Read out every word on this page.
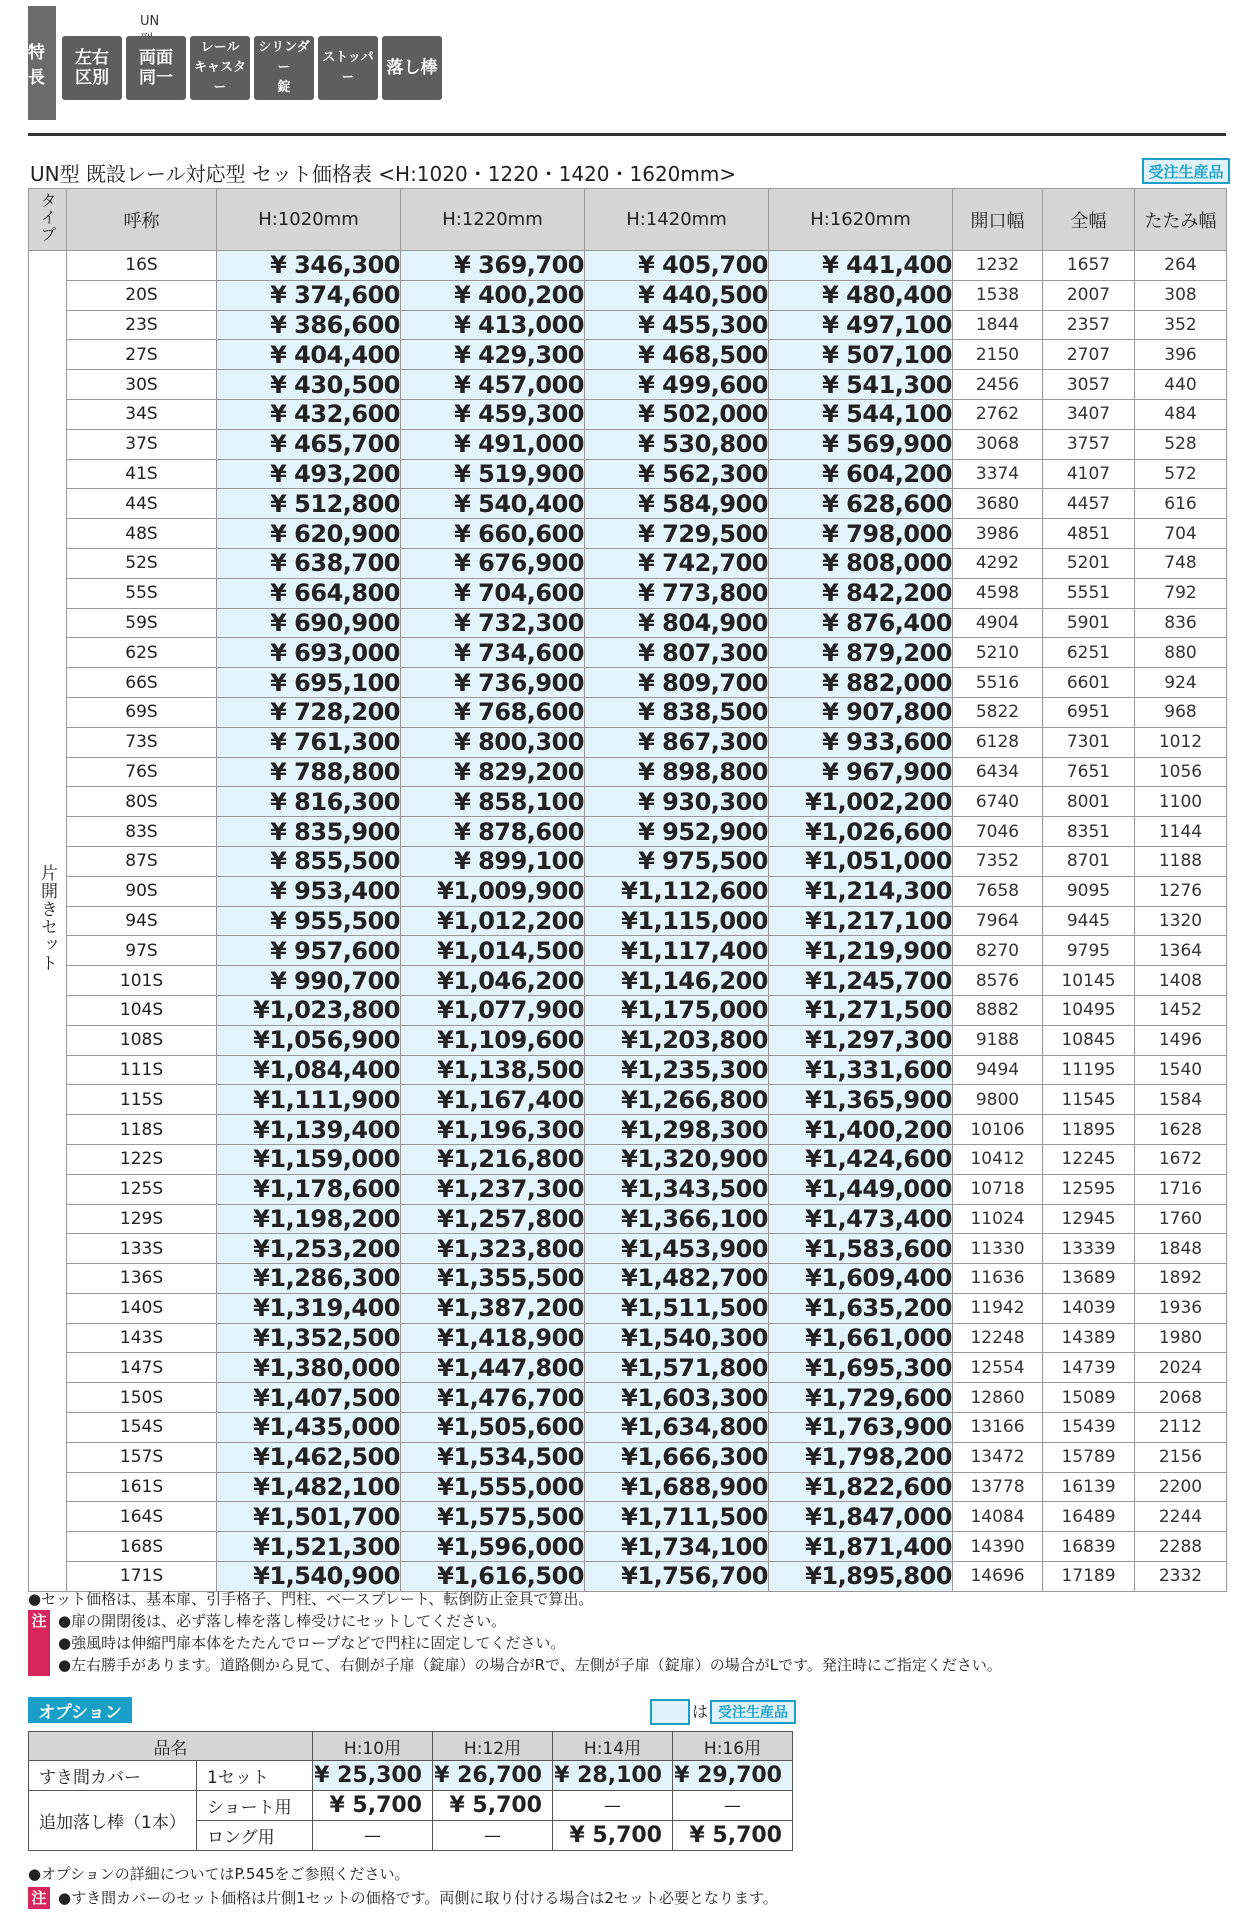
特長
UN
左右
区別
両面
同一
レール
キャスター
シリンダー
錠
ストッパー	落し棒
UN型 既設レール対応型 セット価格表 <H:1020・1220・1420・1620mm>	受注生産品
タイプ	呼称	H:1020mm	H:1220mm	H:1420mm	H:1620mm	開口幅	全幅	たたみ幅
片開きセット	16S	¥ 346,300	¥ 369,700	¥ 405,700	¥ 441,400	1232	1657	264
	20S	¥ 374,600	¥ 400,200	¥ 440,500	¥ 480,400	1538	2007	308
	23S	¥ 386,600	¥ 413,000	¥ 455,300	¥ 497,100	1844	2357	352
	27S	¥ 404,400	¥ 429,300	¥ 468,500	¥ 507,100	2150	2707	396
	30S	¥ 430,500	¥ 457,000	¥ 499,600	¥ 541,300	2456	3057	440
	34S	¥ 432,600	¥ 459,300	¥ 502,000	¥ 544,100	2762	3407	484
	37S	¥ 465,700	¥ 491,000	¥ 530,800	¥ 569,900	3068	3757	528
	41S	¥ 493,200	¥ 519,900	¥ 562,300	¥ 604,200	3374	4107	572
	44S	¥ 512,800	¥ 540,400	¥ 584,900	¥ 628,600	3680	4457	616
	48S	¥ 620,900	¥ 660,600	¥ 729,500	¥ 798,000	3986	4851	704
	52S	¥ 638,700	¥ 676,900	¥ 742,700	¥ 808,000	4292	5201	748
	55S	¥ 664,800	¥ 704,600	¥ 773,800	¥ 842,200	4598	5551	792
	59S	¥ 690,900	¥ 732,300	¥ 804,900	¥ 876,400	4904	5901	836
	62S	¥ 693,000	¥ 734,600	¥ 807,300	¥ 879,200	5210	6251	880
	66S	¥ 695,100	¥ 736,900	¥ 809,700	¥ 882,000	5516	6601	924
	69S	¥ 728,200	¥ 768,600	¥ 838,500	¥ 907,800	5822	6951	968
	73S	¥ 761,300	¥ 800,300	¥ 867,300	¥ 933,600	6128	7301	1012
	76S	¥ 788,800	¥ 829,200	¥ 898,800	¥ 967,900	6434	7651	1056
	80S	¥ 816,300	¥ 858,100	¥ 930,300	¥1,002,200	6740	8001	1100
	83S	¥ 835,900	¥ 878,600	¥ 952,900	¥1,026,600	7046	8351	1144
	87S	¥ 855,500	¥ 899,100	¥ 975,500	¥1,051,000	7352	8701	1188
	90S	¥ 953,400	¥1,009,900	¥1,112,600	¥1,214,300	7658	9095	1276
	94S	¥ 955,500	¥1,012,200	¥1,115,000	¥1,217,100	7964	9445	1320
	97S	¥ 957,600	¥1,014,500	¥1,117,400	¥1,219,900	8270	9795	1364
	101S	¥ 990,700	¥1,046,200	¥1,146,200	¥1,245,700	8576	10145	1408
	104S	¥1,023,800	¥1,077,900	¥1,175,000	¥1,271,500	8882	10495	1452
	108S	¥1,056,900	¥1,109,600	¥1,203,800	¥1,297,300	9188	10845	1496
	111S	¥1,084,400	¥1,138,500	¥1,235,300	¥1,331,600	9494	11195	1540
	115S	¥1,111,900	¥1,167,400	¥1,266,800	¥1,365,900	9800	11545	1584
	118S	¥1,139,400	¥1,196,300	¥1,298,300	¥1,400,200	10106	11895	1628
	122S	¥1,159,000	¥1,216,800	¥1,320,900	¥1,424,600	10412	12245	1672
	125S	¥1,178,600	¥1,237,300	¥1,343,500	¥1,449,000	10718	12595	1716
	129S	¥1,198,200	¥1,257,800	¥1,366,100	¥1,473,400	11024	12945	1760
	133S	¥1,253,200	¥1,323,800	¥1,453,900	¥1,583,600	11330	13339	1848
	136S	¥1,286,300	¥1,355,500	¥1,482,700	¥1,609,400	11636	13689	1892
	140S	¥1,319,400	¥1,387,200	¥1,511,500	¥1,635,200	11942	14039	1936
	143S	¥1,352,500	¥1,418,900	¥1,540,300	¥1,661,000	12248	14389	1980
	147S	¥1,380,000	¥1,447,800	¥1,571,800	¥1,695,300	12554	14739	2024
	150S	¥1,407,500	¥1,476,700	¥1,603,300	¥1,729,600	12860	15089	2068
	154S	¥1,435,000	¥1,505,600	¥1,634,800	¥1,763,900	13166	15439	2112
	157S	¥1,462,500	¥1,534,500	¥1,666,300	¥1,798,200	13472	15789	2156
	161S	¥1,482,100	¥1,555,000	¥1,688,900	¥1,822,600	13778	16139	2200
	164S	¥1,501,700	¥1,575,500	¥1,711,500	¥1,847,000	14084	16489	2244
	168S	¥1,521,300	¥1,596,000	¥1,734,100	¥1,871,400	14390	16839	2288
	171S	¥1,540,900	¥1,616,500	¥1,756,700	¥1,895,800	14696	17189	2332
●セット価格は、基本扉、引手格子、門柱、ベースプレート、転倒防止金具で算出。
注 ●扉の開閉後は、必ず落し棒を落し棒受けにセットしてください。
●強風時は伸縮門扉本体をたたんでロープなどで門柱に固定してください。
●左右勝手があります。道路側から見て、右側が子扉（錠扉）の場合がRで、左側が子扉（錠扉）の場合がLです。発注時にご指定ください。
オプション	は 受注生産品
品名		H:10用	H:12用	H:14用	H:16用
すき間カバー	1セット	¥ 25,300	¥ 26,700	¥ 28,100	¥ 29,700
追加落し棒（1本）	ショート用	¥ 5,700	¥ 5,700	—	—
	ロング用	—	—	¥ 5,700	¥ 5,700
●オプションの詳細についてはP.545をご参照ください。
注 ●すき間カバーのセット価格は片側1セットの価格です。両側に取り付ける場合は2セット必要となります。
